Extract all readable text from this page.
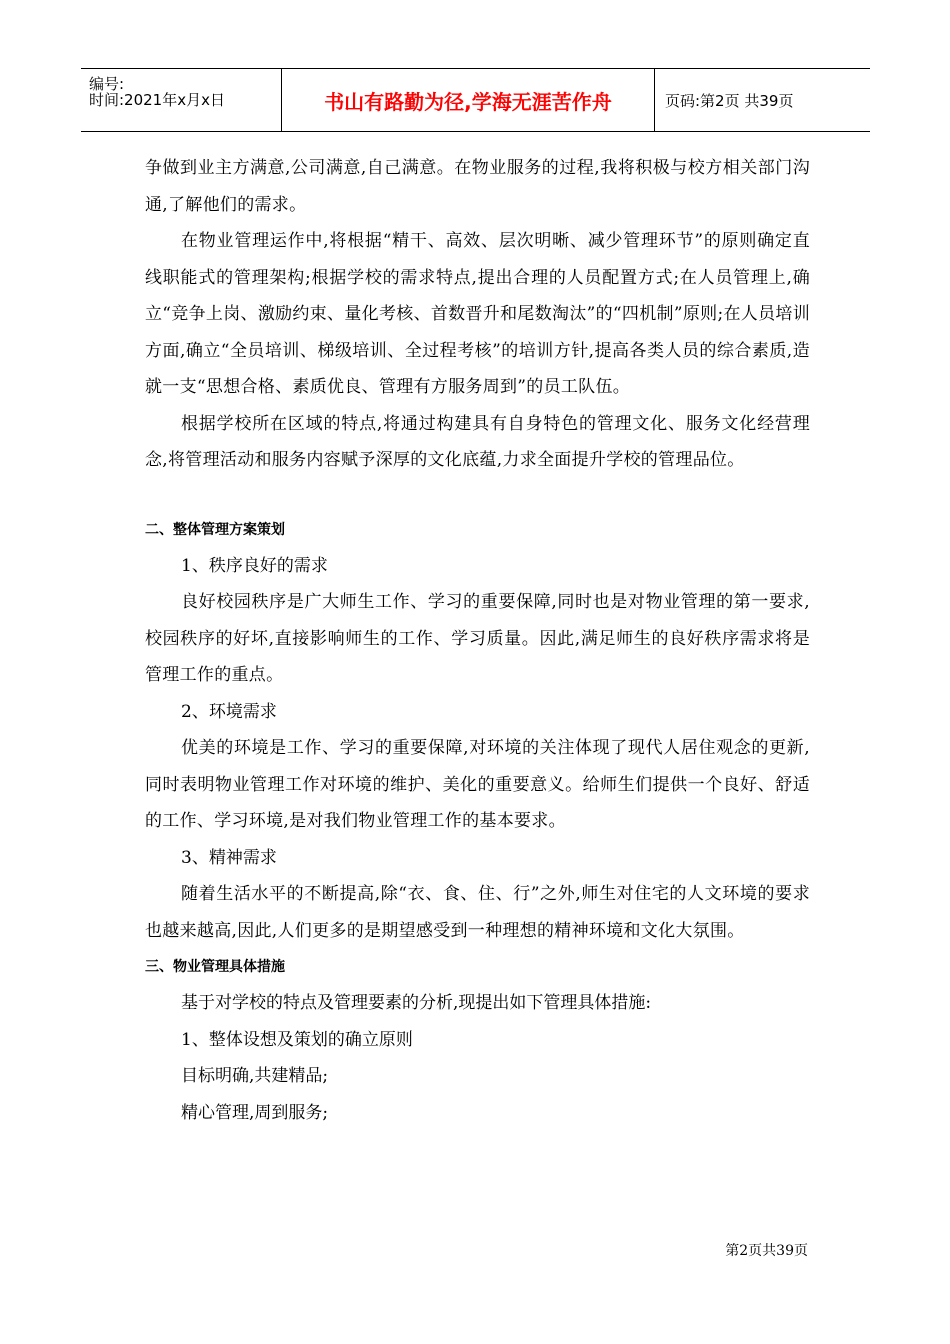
编号:
时间:2021年x月x日	书山有路勤为径,学海无涯苦作舟	页码:第2页 共39页

争做到业主方满意,公司满意,自己满意。在物业服务的过程,我将积极与校方相关部门沟通,了解他们的需求。

在物业管理运作中,将根据“精干、高效、层次明晰、减少管理环节”的原则确定直线职能式的管理架构;根据学校的需求特点,提出合理的人员配置方式;在人员管理上,确立“竞争上岗、激励约束、量化考核、首数晋升和尾数淘汰”的“四机制”原则;在人员培训方面,确立“全员培训、梯级培训、全过程考核”的培训方针,提高各类人员的综合素质,造就一支“思想合格、素质优良、管理有方服务周到”的员工队伍。

根据学校所在区域的特点,将通过构建具有自身特色的管理文化、服务文化经营理念,将管理活动和服务内容赋予深厚的文化底蕴,力求全面提升学校的管理品位。

二、整体管理方案策划

1、秩序良好的需求

良好校园秩序是广大师生工作、学习的重要保障,同时也是对物业管理的第一要求,校园秩序的好坏,直接影响师生的工作、学习质量。因此,满足师生的良好秩序需求将是管理工作的重点。

2、环境需求

优美的环境是工作、学习的重要保障,对环境的关注体现了现代人居住观念的更新,同时表明物业管理工作对环境的维护、美化的重要意义。给师生们提供一个良好、舒适的工作、学习环境,是对我们物业管理工作的基本要求。

3、精神需求

随着生活水平的不断提高,除“衣、食、住、行”之外,师生对住宅的人文环境的要求也越来越高,因此,人们更多的是期望感受到一种理想的精神环境和文化大氛围。

三、物业管理具体措施

基于对学校的特点及管理要素的分析,现提出如下管理具体措施:

1、整体设想及策划的确立原则

目标明确,共建精品;

精心管理,周到服务;

第2页共39页
